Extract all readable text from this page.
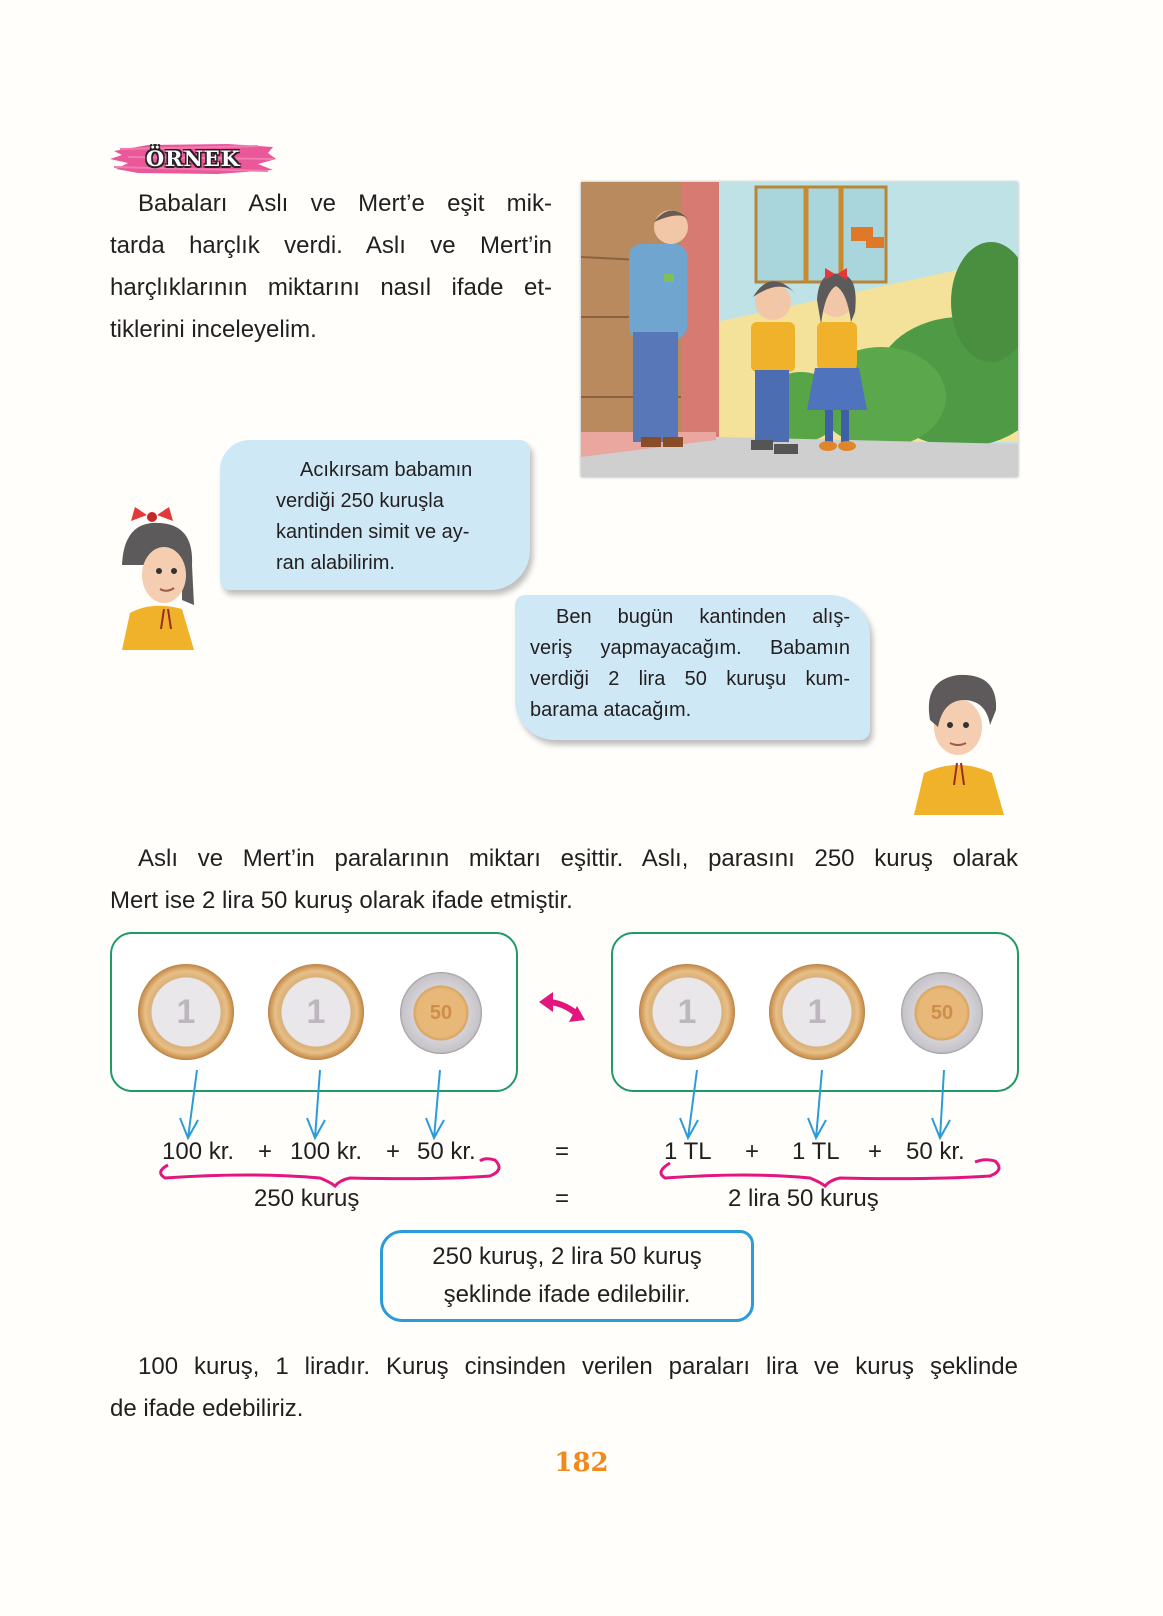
ÖRNEK
Babaları Aslı ve Mert’e eşit mik-
tarda harçlık verdi. Aslı ve Mert’in
harçlıklarının miktarını nasıl ifade et-
tiklerini inceleyelim.
Acıkırsam babamın
verdiği 250 kuruşla
kantinden simit ve ay-
ran alabilirim.
Ben bugün kantinden alış-
veriş yapmayacağım. Babamın
verdiği 2 lira 50 kuruşu kum-
barama atacağım.
Aslı ve Mert’in paralarının miktarı eşittir. Aslı, parasını 250 kuruş olarak
Mert ise 2 lira 50 kuruş olarak ifade etmiştir.
1	1	50	1	1	50
100 kr. + 100 kr. + 50 kr.	=	1 TL + 1 TL + 50 kr.
250 kuruş	=	2 lira 50 kuruş
250 kuruş, 2 lira 50 kuruş
şeklinde ifade edilebilir.
100 kuruş, 1 liradır. Kuruş cinsinden verilen paraları lira ve kuruş şeklinde
de ifade edebiliriz.
182
